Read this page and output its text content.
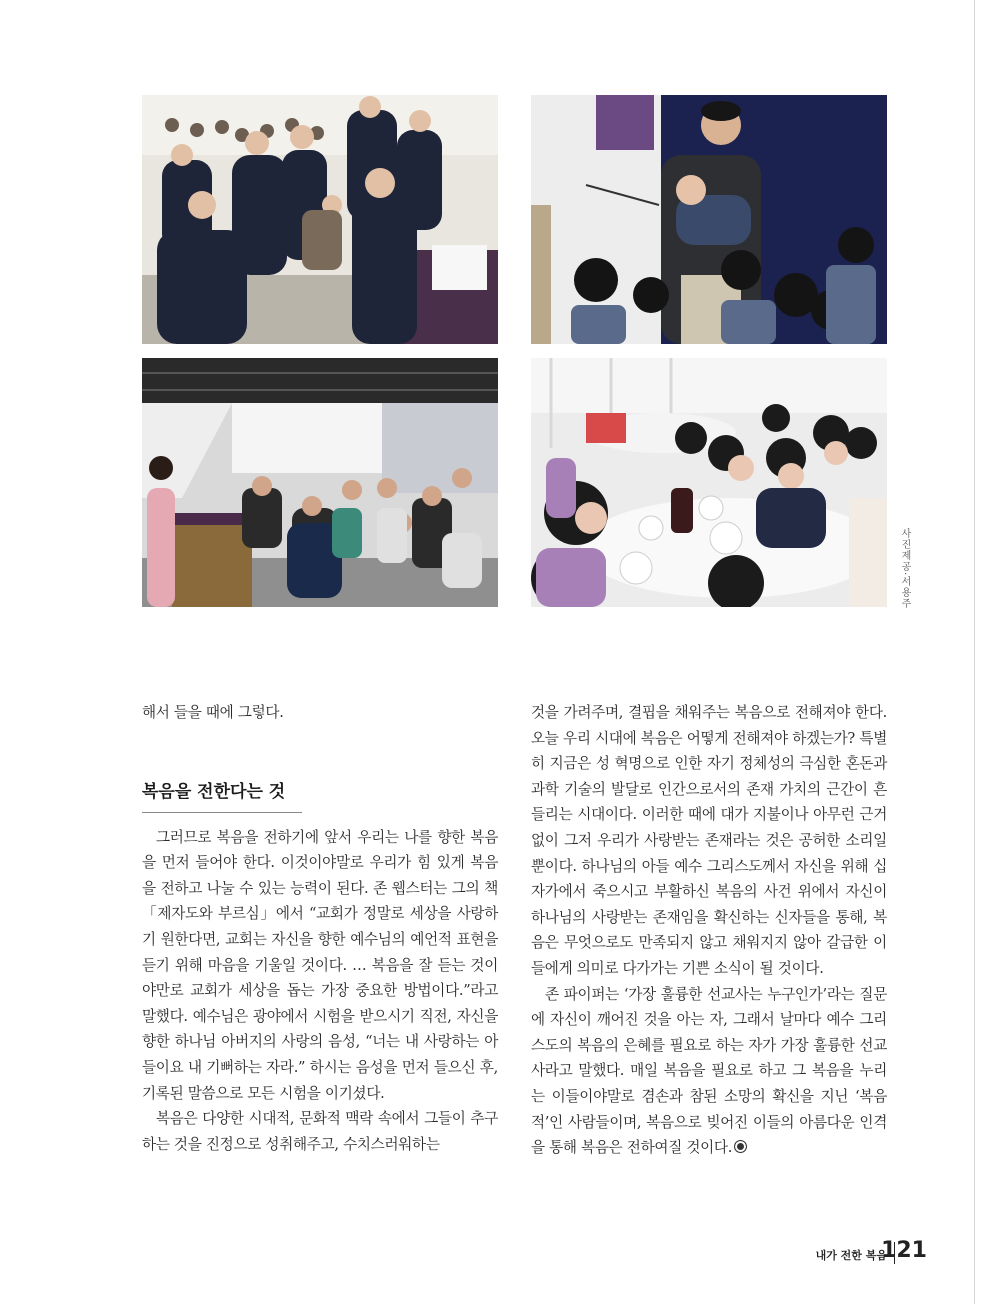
사진제공·서용주

해서 들을 때에 그렇다.

복음을 전한다는 것

그러므로 복음을 전하기에 앞서 우리는 나를 향한 복음을 먼저 들어야 한다. 이것이야말로 우리가 힘 있게 복음을 전하고 나눌 수 있는 능력이 된다. 존 웹스터는 그의 책 「제자도와 부르심」에서 “교회가 정말로 세상을 사랑하기 원한다면, 교회는 자신을 향한 예수님의 예언적 표현을 듣기 위해 마음을 기울일 것이다. … 복음을 잘 듣는 것이야만로 교회가 세상을 돕는 가장 중요한 방법이다.”라고 말했다. 예수님은 광야에서 시험을 받으시기 직전, 자신을 향한 하나님 아버지의 사랑의 음성, “너는 내 사랑하는 아들이요 내 기뻐하는 자라.” 하시는 음성을 먼저 들으신 후, 기록된 말씀으로 모든 시험을 이기셨다.

복음은 다양한 시대적, 문화적 맥락 속에서 그들이 추구하는 것을 진정으로 성취해주고, 수치스러워하는

것을 가려주며, 결핍을 채워주는 복음으로 전해져야 한다. 오늘 우리 시대에 복음은 어떻게 전해져야 하겠는가? 특별히 지금은 성 혁명으로 인한 자기 정체성의 극심한 혼돈과 과학 기술의 발달로 인간으로서의 존재 가치의 근간이 흔들리는 시대이다. 이러한 때에 대가 지불이나 아무런 근거 없이 그저 우리가 사랑받는 존재라는 것은 공허한 소리일 뿐이다. 하나님의 아들 예수 그리스도께서 자신을 위해 십자가에서 죽으시고 부활하신 복음의 사건 위에서 자신이 하나님의 사랑받는 존재임을 확신하는 신자들을 통해, 복음은 무엇으로도 만족되지 않고 채워지지 않아 갈급한 이들에게 의미로 다가가는 기쁜 소식이 될 것이다.

존 파이퍼는 ‘가장 훌륭한 선교사는 누구인가’라는 질문에 자신이 깨어진 것을 아는 자, 그래서 날마다 예수 그리스도의 복음의 은혜를 필요로 하는 자가 가장 훌륭한 선교사라고 말했다. 매일 복음을 필요로 하고 그 복음을 누리는 이들이야말로 겸손과 참된 소망의 확신을 지닌 ‘복음적’인 사람들이며, 복음으로 빚어진 이들의 아름다운 인격을 통해 복음은 전하여질 것이다.

내가 전한 복음
121
